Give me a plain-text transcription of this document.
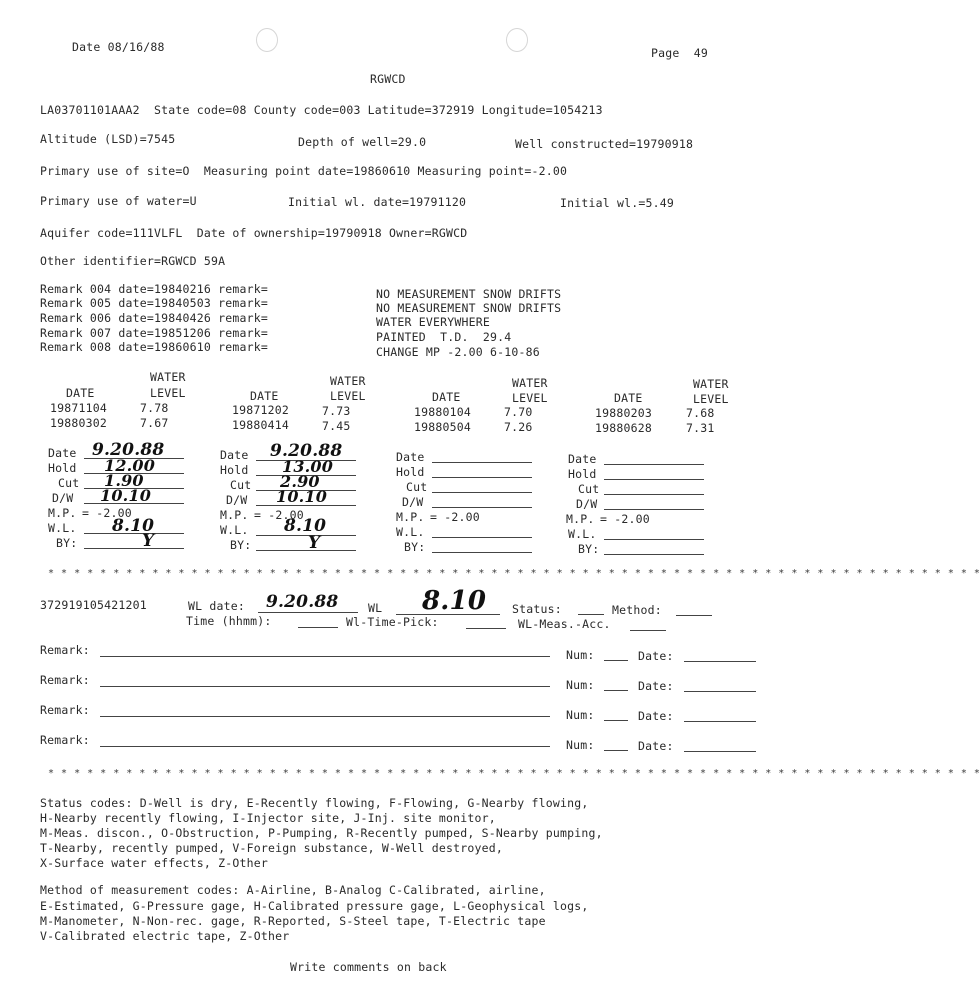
Date 08/16/88	Page  49
RGWCD
LA03701101AAA2  State code=08 County code=003 Latitude=372919 Longitude=1054213
Altitude (LSD)=7545	Depth of well=29.0	Well constructed=19790918
Primary use of site=O  Measuring point date=19860610 Measuring point=-2.00
Primary use of water=U	Initial wl. date=19791120	Initial wl.=5.49
Aquifer code=111VLFL  Date of ownership=19790918 Owner=RGWCD
Other identifier=RGWCD 59A
Remark 004 date=19840216 remark=	NO MEASUREMENT SNOW DRIFTS
Remark 005 date=19840503 remark=	NO MEASUREMENT SNOW DRIFTS
Remark 006 date=19840426 remark=	WATER EVERYWHERE
Remark 007 date=19851206 remark=	PAINTED  T.D.  29.4
Remark 008 date=19860610 remark=	CHANGE MP -2.00 6-10-86
WATER	WATER	WATER	WATER
DATE	LEVEL	DATE	LEVEL	DATE	LEVEL	DATE	LEVEL
19871104	7.78	19871202	7.73	19880104	7.70	19880203	7.68
19880302	7.67	19880414	7.45	19880504	7.26	19880628	7.31
Date 9.20.88
Hold 12.00
Cut 1.90
D/W 10.10
M.P. = -2.00
W.L. 8.10
BY:	Y
Date 9.20.88
Hold 13.00
Cut 2.90
D/W 10.10
M.P. = -2.00
W.L. 8.10
BY:	Y
Date
Hold
Cut
D/W
M.P. = -2.00
W.L.
BY:
Date
Hold
Cut
D/W
M.P. = -2.00
W.L.
BY:
* * * * * * * * * * * * * * * * * * * * * * * * * * * * * * * * * * * * * * * * * * * * * * * * * * * * * * * * * * * * * * * * * * * * * * * *
372919105421201	WL date: 9.20.88	WL 8.10 Status:	Method:
Time (hhmm):	Wl-Time-Pick:	WL-Meas.-Acc.
Remark:	Num:	Date:
Remark:	Num:	Date:
Remark:	Num:	Date:
Remark:	Num:	Date:
* * * * * * * * * * * * * * * * * * * * * * * * * * * * * * * * * * * * * * * * * * * * * * * * * * * * * * * * * * * * * * * * * * * * * * * *
Status codes: D-Well is dry, E-Recently flowing, F-Flowing, G-Nearby flowing,
H-Nearby recently flowing, I-Injector site, J-Inj. site monitor,
M-Meas. discon., O-Obstruction, P-Pumping, R-Recently pumped, S-Nearby pumping,
T-Nearby, recently pumped, V-Foreign substance, W-Well destroyed,
X-Surface water effects, Z-Other
Method of measurement codes: A-Airline, B-Analog C-Calibrated, airline,
E-Estimated, G-Pressure gage, H-Calibrated pressure gage, L-Geophysical logs,
M-Manometer, N-Non-rec. gage, R-Reported, S-Steel tape, T-Electric tape
V-Calibrated electric tape, Z-Other
Write comments on back
